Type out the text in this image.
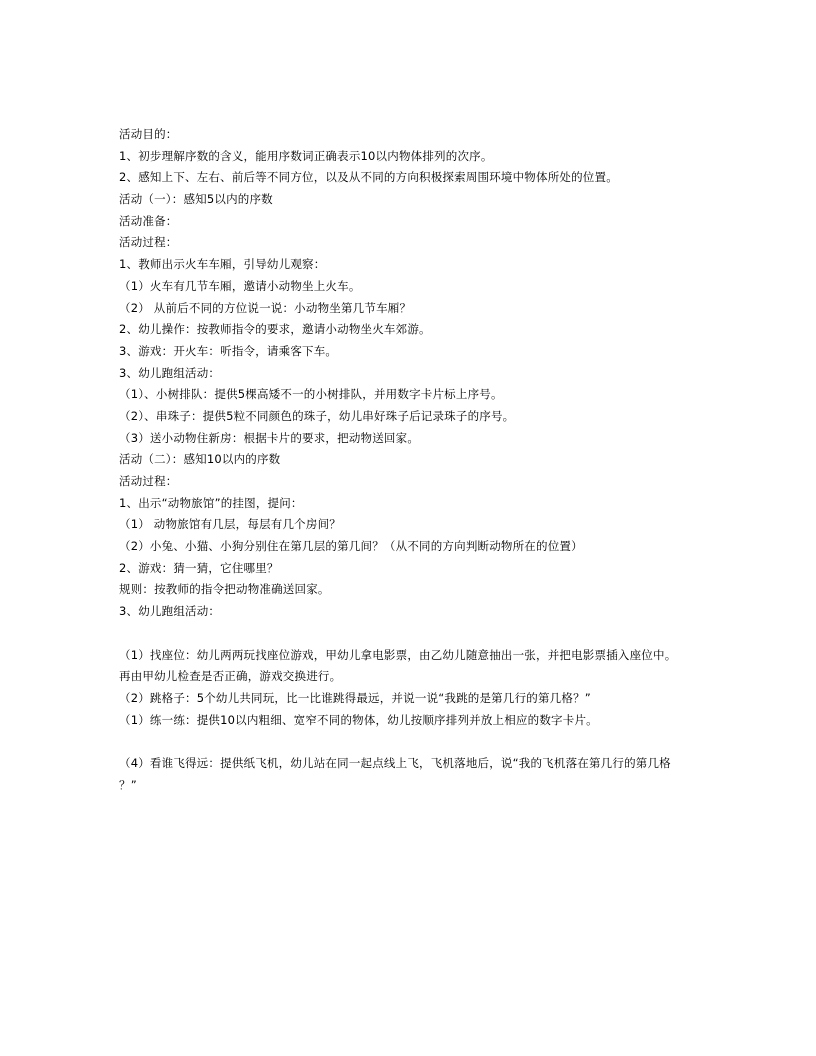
活动目的：
1、初步理解序数的含义，能用序数词正确表示10以内物体排列的次序。
2、感知上下、左右、前后等不同方位，以及从不同的方向积极探索周围环境中物体所处的位置。
活动（一）：感知5以内的序数
活动准备：
活动过程：
1、教师出示火车车厢，引导幼儿观察：
（1）火车有几节车厢，邀请小动物坐上火车。
（2） 从前后不同的方位说一说：小动物坐第几节车厢？
2、幼儿操作：按教师指令的要求，邀请小动物坐火车郊游。
3、游戏：开火车：听指令，请乘客下车。
3、幼儿跑组活动：
（1）、小树排队：提供5棵高矮不一的小树排队，并用数字卡片标上序号。
（2）、串珠子：提供5粒不同颜色的珠子，幼儿串好珠子后记录珠子的序号。
（3）送小动物住新房：根据卡片的要求，把动物送回家。
活动（二）：感知10以内的序数
活动过程：
1、出示“动物旅馆”的挂图，提问：
（1） 动物旅馆有几层，每层有几个房间？
（2）小兔、小猫、小狗分别住在第几层的第几间？（从不同的方向判断动物所在的位置）
2、游戏：猜一猜，它住哪里？
规则：按教师的指令把动物准确送回家。
3、幼儿跑组活动：
（1）找座位：幼儿两两玩找座位游戏，甲幼儿拿电影票，由乙幼儿随意抽出一张，并把电影票插入座位中。
再由甲幼儿检查是否正确，游戏交换进行。
（2）跳格子：5个幼儿共同玩，比一比谁跳得最远，并说一说“我跳的是第几行的第几格？”
（1）练一练：提供10以内粗细、宽窄不同的物体，幼儿按顺序排列并放上相应的数字卡片。
（4）看谁飞得远：提供纸飞机，幼儿站在同一起点线上飞，飞机落地后，说“我的飞机落在第几行的第几格
？”
